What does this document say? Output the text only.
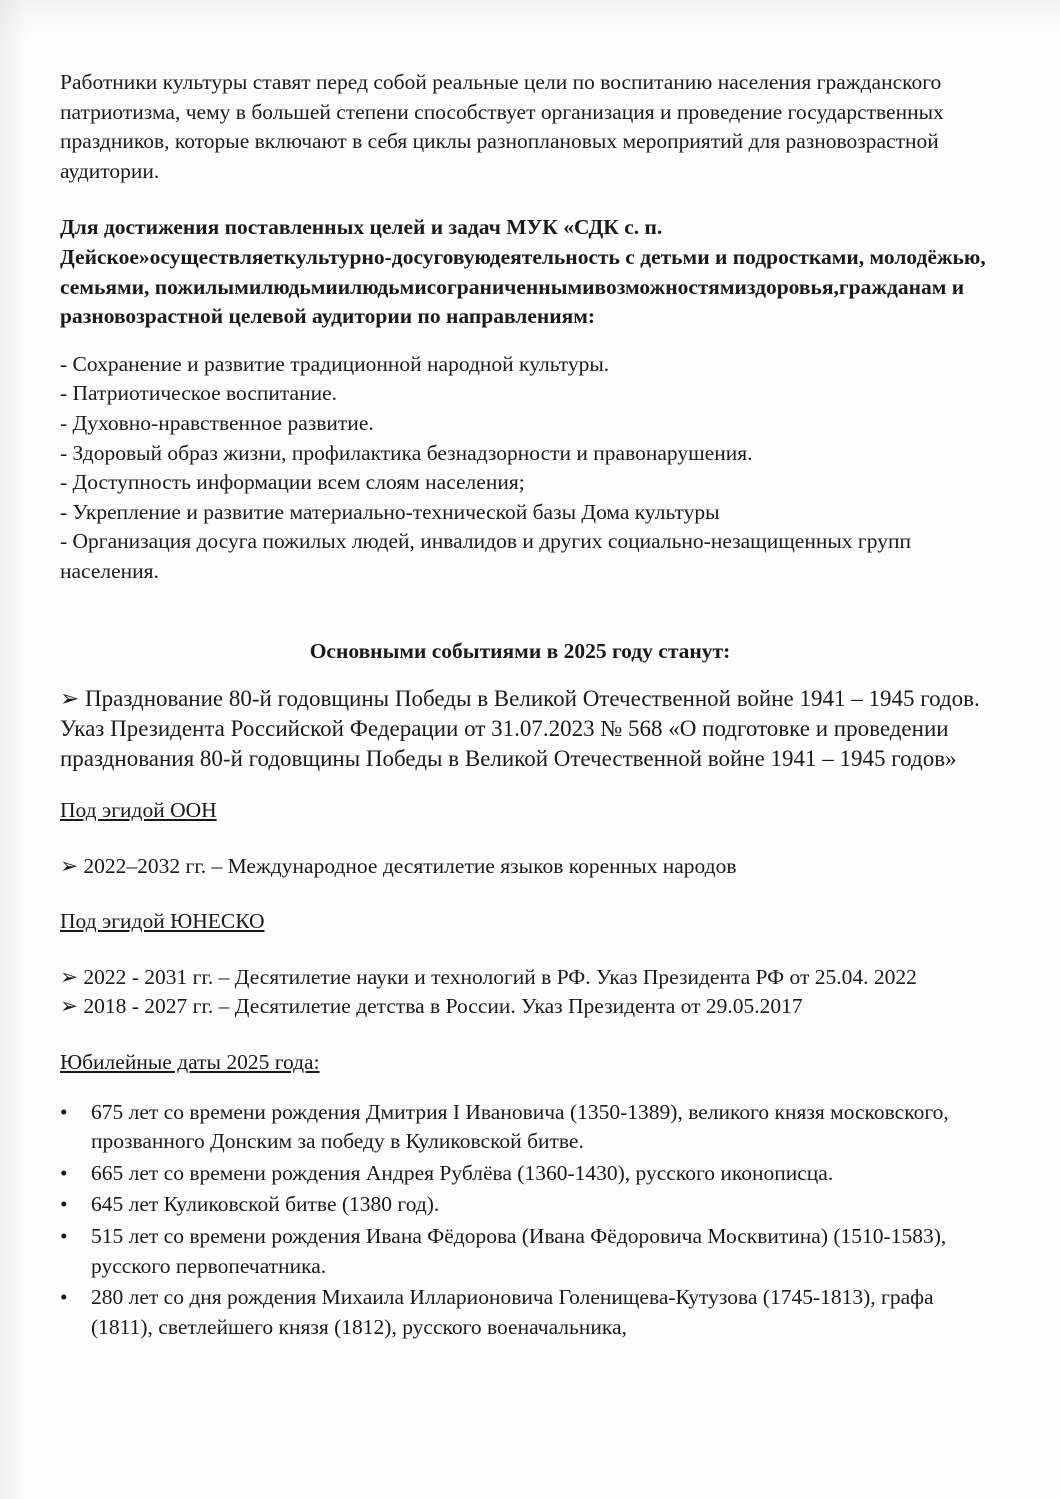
Работники культуры ставят перед собой реальные цели по воспитанию населения гражданского патриотизма, чему в большей степени способствует организация и проведение государственных праздников, которые включают в себя циклы разноплановых мероприятий для разновозрастной аудитории.

Для достижения поставленных целей и задач МУК «СДК с. п. Дейское»осуществляеткультурно-досуговуюдеятельность с детьми и подростками, молодёжью, семьями, пожилымилюдьмиилюдьмисограниченнымивозможностямиздоровья,гражданам и разновозрастной целевой аудитории по направлениям:

- Сохранение и развитие традиционной народной культуры.
- Патриотическое воспитание.
- Духовно-нравственное развитие.
- Здоровый образ жизни, профилактика безнадзорности и правонарушения.
- Доступность информации всем слоям населения;
- Укрепление и развитие материально-технической базы Дома культуры
- Организация досуга пожилых людей, инвалидов и других социально-незащищенных групп населения.

Основными событиями в 2025 году станут:

➢ Празднование 80-й годовщины Победы в Великой Отечественной войне 1941 – 1945 годов. Указ Президента Российской Федерации от 31.07.2023 № 568 «О подготовке и проведении празднования 80-й годовщины Победы в Великой Отечественной войне 1941 – 1945 годов»

Под эгидой ООН

➢ 2022–2032 гг. – Международное десятилетие языков коренных народов

Под эгидой ЮНЕСКО

➢ 2022 - 2031 гг. – Десятилетие науки и технологий в РФ. Указ Президента РФ от 25.04. 2022
➢ 2018 - 2027 гг. – Десятилетие детства в России. Указ Президента от 29.05.2017

Юбилейные даты 2025 года:

•	675 лет со времени рождения Дмитрия I Ивановича (1350-1389), великого князя московского, прозванного Донским за победу в Куликовской битве.
•	665 лет со времени рождения Андрея Рублёва (1360-1430), русского иконописца.
•	645 лет Куликовской битве (1380 год).
•	515 лет со времени рождения Ивана Фёдорова (Ивана Фёдоровича Москвитина) (1510-1583), русского первопечатника.
•	280 лет со дня рождения Михаила Илларионовича Голенищева-Кутузова (1745-1813), графа (1811), светлейшего князя (1812), русского военачальника,
